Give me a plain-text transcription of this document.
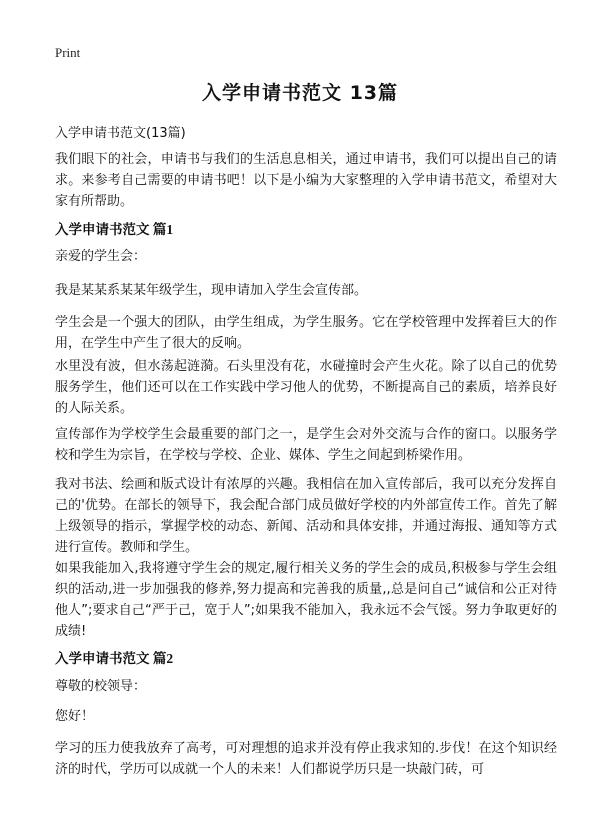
Print
入学申请书范文 13篇
入学申请书范文(13篇)

我们眼下的社会，申请书与我们的生活息息相关，通过申请书，我们可以提出自己的请求。来参考自己需要的申请书吧！以下是小编为大家整理的入学申请书范文，希望对大家有所帮助。

入学申请书范文 篇1

亲爱的学生会：

我是某某系某某年级学生，现申请加入学生会宣传部。

学生会是一个强大的团队，由学生组成，为学生服务。它在学校管理中发挥着巨大的作用，在学生中产生了很大的反响。

水里没有波，但水荡起涟漪。石头里没有花，水碰撞时会产生火花。除了以自己的优势服务学生，他们还可以在工作实践中学习他人的优势，不断提高自己的素质，培养良好的人际关系。

宣传部作为学校学生会最重要的部门之一，是学生会对外交流与合作的窗口。以服务学校和学生为宗旨，在学校与学校、企业、媒体、学生之间起到桥梁作用。

我对书法、绘画和版式设计有浓厚的兴趣。我相信在加入宣传部后，我可以充分发挥自己的'优势。在部长的领导下，我会配合部门成员做好学校的内外部宣传工作。首先了解上级领导的指示，掌握学校的动态、新闻、活动和具体安排，并通过海报、通知等方式进行宣传。教师和学生。

如果我能加入,我将遵守学生会的规定,履行相关义务的学生会的成员,积极参与学生会组织的活动,进一步加强我的修养,努力提高和完善我的质量,,总是问自己“诚信和公正对待他人”;要求自己“严于己，宽于人”;如果我不能加入，我永远不会气馁。努力争取更好的成绩!

入学申请书范文 篇2

尊敬的校领导：

您好！

学习的压力使我放弃了高考，可对理想的追求并没有停止我求知的.步伐！在这个知识经济的时代，学历可以成就一个人的未来！人们都说学历只是一块敲门砖，可
